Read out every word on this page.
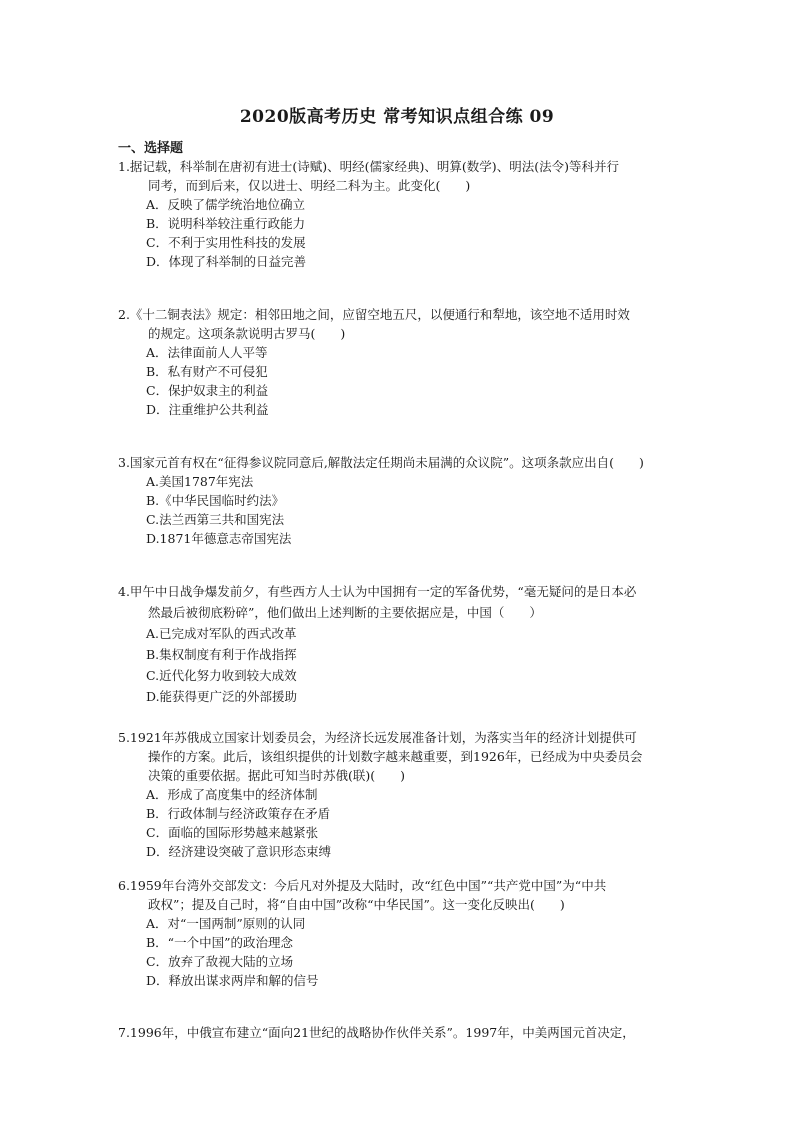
2020版高考历史 常考知识点组合练 09
一、选择题

1.据记载，科举制在唐初有进士(诗赋)、明经(儒家经典)、明算(数学)、明法(法令)等科并行
同考，而到后来，仅以进士、明经二科为主。此变化(　　)

A．反映了儒学统治地位确立
B．说明科举较注重行政能力
C．不利于实用性科技的发展
D．体现了科举制的日益完善

2.《十二铜表法》规定：相邻田地之间，应留空地五尺，以便通行和犁地，该空地不适用时效
的规定。这项条款说明古罗马(　　)

A．法律面前人人平等
B．私有财产不可侵犯
C．保护奴隶主的利益
D．注重维护公共利益

3.国家元首有权在“征得参议院同意后,解散法定任期尚未届满的众议院”。这项条款应出自(　　)

A.美国1787年宪法
B.《中华民国临时约法》
C.法兰西第三共和国宪法
D.1871年德意志帝国宪法

4.甲午中日战争爆发前夕，有些西方人士认为中国拥有一定的军备优势，“毫无疑问的是日本必
然最后被彻底粉碎”，他们做出上述判断的主要依据应是，中国（　　）

A.已完成对军队的西式改革
B.集权制度有利于作战指挥
C.近代化努力收到较大成效
D.能获得更广泛的外部援助

5.1921年苏俄成立国家计划委员会，为经济长远发展准备计划，为落实当年的经济计划提供可
操作的方案。此后，该组织提供的计划数字越来越重要，到1926年，已经成为中央委员会
决策的重要依据。据此可知当时苏俄(联)(　　)

A．形成了高度集中的经济体制
B．行政体制与经济政策存在矛盾
C．面临的国际形势越来越紧张
D．经济建设突破了意识形态束缚

6.1959年台湾外交部发文：今后凡对外提及大陆时，改“红色中国”“共产党中国”为“中共
政权”；提及自己时，将“自由中国”改称“中华民国”。这一变化反映出(　　)

A．对“一国两制”原则的认同
B．“一个中国”的政治理念
C．放弃了敌视大陆的立场
D．释放出谋求两岸和解的信号

7.1996年，中俄宣布建立“面向21世纪的战略协作伙伴关系”。1997年，中美两国元首决定，
